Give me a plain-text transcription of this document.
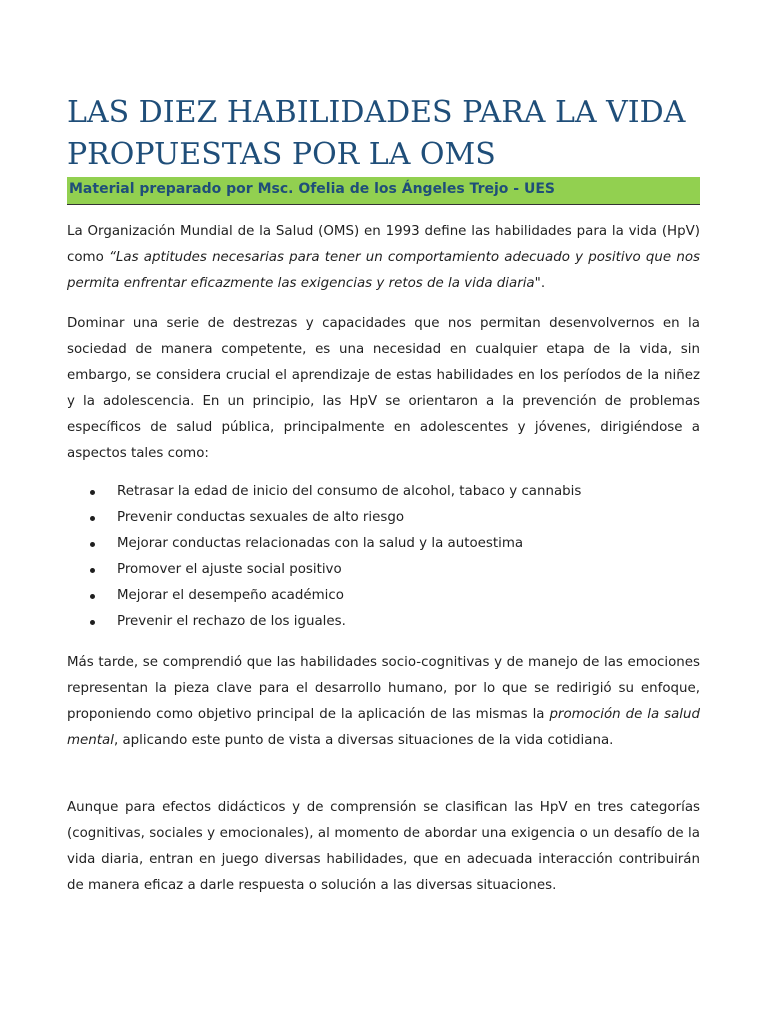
LAS DIEZ HABILIDADES PARA LA VIDA PROPUESTAS POR LA OMS
Material preparado por Msc. Ofelia de los Ángeles Trejo - UES

La Organización Mundial de la Salud (OMS) en 1993 define las habilidades para la vida (HpV) como “Las aptitudes necesarias para tener un comportamiento adecuado y positivo que nos permita enfrentar eficazmente las exigencias y retos de la vida diaria".

Dominar una serie de destrezas y capacidades que nos permitan desenvolvernos en la sociedad de manera competente, es una necesidad en cualquier etapa de la vida, sin embargo, se considera crucial el aprendizaje de estas habilidades en los períodos de la niñez y la adolescencia. En un principio, las HpV se orientaron a la prevención de problemas específicos de salud pública, principalmente en adolescentes y jóvenes, dirigiéndose a aspectos tales como:

Retrasar la edad de inicio del consumo de alcohol, tabaco y cannabis
Prevenir conductas sexuales de alto riesgo
Mejorar conductas relacionadas con la salud y la autoestima
Promover el ajuste social positivo
Mejorar el desempeño académico
Prevenir el rechazo de los iguales.

Más tarde, se comprendió que las habilidades socio-cognitivas y de manejo de las emociones representan la pieza clave para el desarrollo humano, por lo que se redirigió su enfoque, proponiendo como objetivo principal de la aplicación de las mismas la promoción de la salud mental, aplicando este punto de vista a diversas situaciones de la vida cotidiana.

Aunque para efectos didácticos y de comprensión se clasifican las HpV en tres categorías (cognitivas, sociales y emocionales), al momento de abordar una exigencia o un desafío de la vida diaria, entran en juego diversas habilidades, que en adecuada interacción contribuirán de manera eficaz a darle respuesta o solución a las diversas situaciones.
